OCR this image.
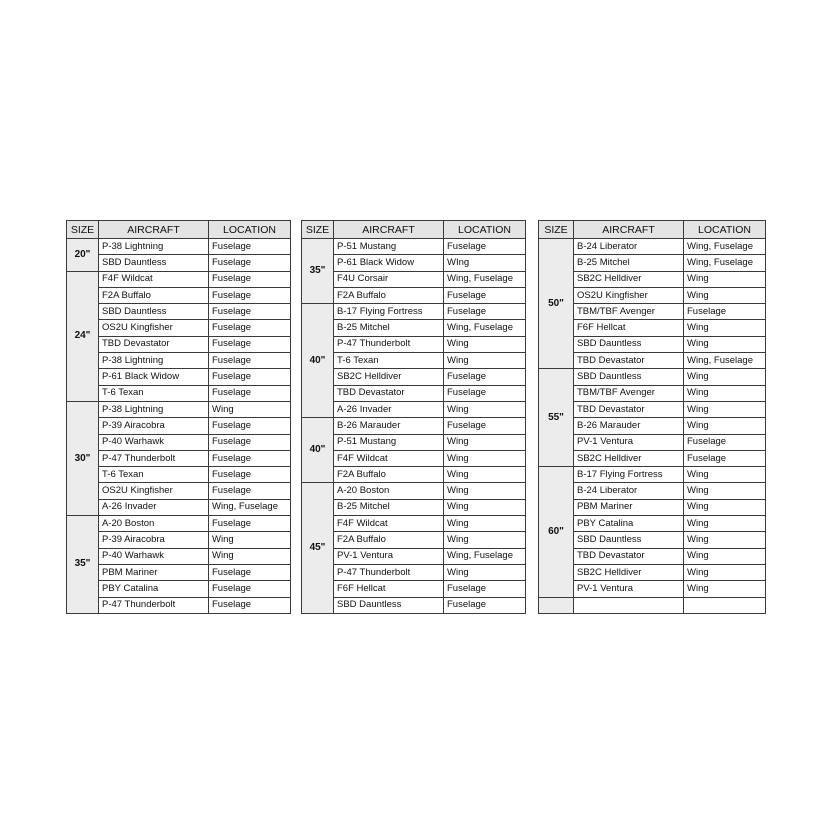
SIZE	AIRCRAFT	LOCATION
20"	P-38 Lightning	Fuselage
	SBD Dauntless	Fuselage
24"	F4F Wildcat	Fuselage
	F2A Buffalo	Fuselage
	SBD Dauntless	Fuselage
	OS2U Kingfisher	Fuselage
	TBD Devastator	Fuselage
	P-38 Lightning	Fuselage
	P-61 Black Widow	Fuselage
	T-6 Texan	Fuselage
30"	P-38 Lightning	Wing
	P-39 Airacobra	Fuselage
	P-40 Warhawk	Fuselage
	P-47 Thunderbolt	Fuselage
	T-6 Texan	Fuselage
	OS2U Kingfisher	Fuselage
	A-26 Invader	Wing, Fuselage
35"	A-20 Boston	Fuselage
	P-39 Airacobra	Wing
	P-40 Warhawk	Wing
	PBM Mariner	Fuselage
	PBY Catalina	Fuselage
	P-47 Thunderbolt	Fuselage
SIZE	AIRCRAFT	LOCATION
35"	P-51 Mustang	Fuselage
	P-61 Black Widow	WIng
	F4U Corsair	Wing, Fuselage
	F2A Buffalo	Fuselage
40"	B-17 Flying Fortress	Fuselage
	B-25 Mitchel	Wing, Fuselage
	P-47 Thunderbolt	Wing
	T-6 Texan	Wing
	SB2C Helldiver	Fuselage
	TBD Devastator	Fuselage
	A-26 Invader	Wing
40"	B-26 Marauder	Fuselage
	P-51 Mustang	Wing
	F4F Wildcat	Wing
	F2A Buffalo	Wing
45"	A-20 Boston	Wing
	B-25 Mitchel	Wing
	F4F Wildcat	Wing
	F2A Buffalo	Wing
	PV-1 Ventura	Wing, Fuselage
	P-47 Thunderbolt	Wing
	F6F Hellcat	Fuselage
	SBD Dauntless	Fuselage
SIZE	AIRCRAFT	LOCATION
50"	B-24 Liberator	Wing, Fuselage
	B-25 Mitchel	Wing, Fuselage
	SB2C Helldiver	Wing
	OS2U Kingfisher	Wing
	TBM/TBF Avenger	Fuselage
	F6F Hellcat	Wing
	SBD Dauntless	Wing
	TBD Devastator	Wing, Fuselage
55"	SBD Dauntless	Wing
	TBM/TBF Avenger	Wing
	TBD Devastator	Wing
	B-26 Marauder	Wing
	PV-1 Ventura	Fuselage
	SB2C Helldiver	Fuselage
60"	B-17 Flying Fortress	Wing
	B-24 Liberator	Wing
	PBM Mariner	Wing
	PBY Catalina	Wing
	SBD Dauntless	Wing
	TBD Devastator	Wing
	SB2C Helldiver	Wing
	PV-1 Ventura	Wing
